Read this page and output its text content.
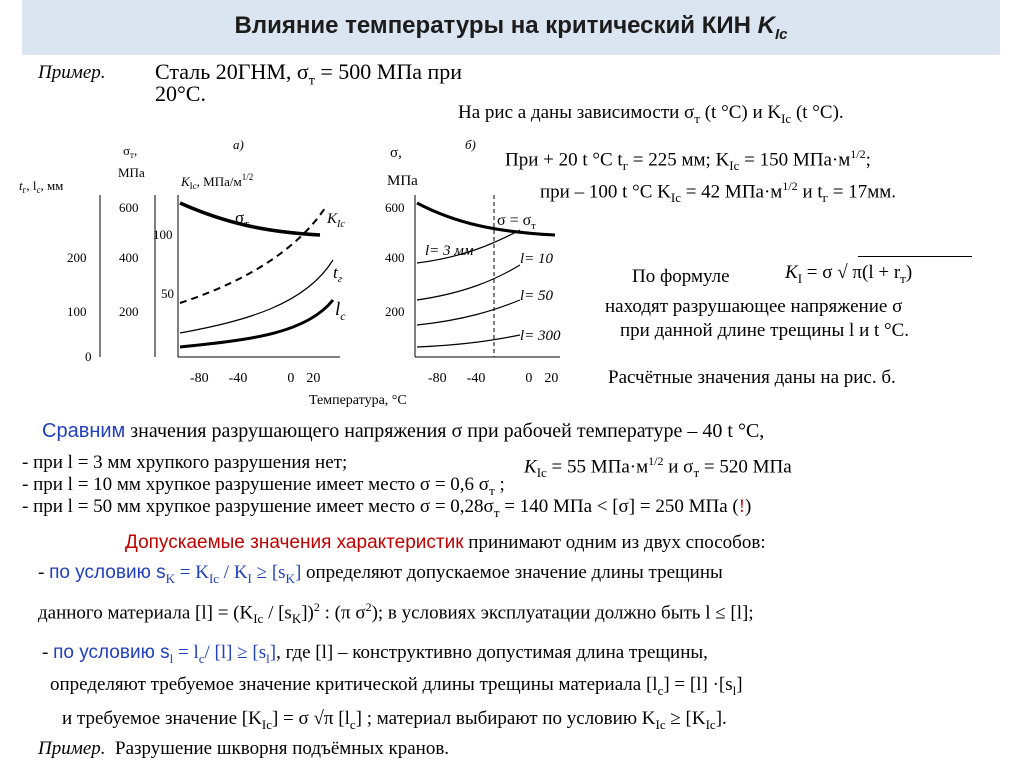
Влияние температуры на критический КИН $K_{Ic}$
Пример. Сталь 20ГНМ, $\sigma_т = 500$ МПа при
20°С.
На рис а даны зависимости $\sigma_т$ (t °C) и $K_{Ic}$ (t °C).
При + 20 t °C $t_г = 225$ мм; $K_{Ic} = 150$ $МПа\cdot м^{1/2}$;
при – 100 t °C $K_{Ic} = 42$ $МПа\cdot м^{1/2}$ и $t_г = 17мм$.
По формуле	$K_I = \sigma$ √ $\pi(l + r_т)$
находят разрушающее напряжение σ
при данной длине трещины l и t °С.
Расчётные значения даны на рис. б.
а)
$t_г$, $l_с$, мм
$\sigma_т$,
МПа
$K_{Ic}$, МПа/$м^{1/2}$
200
100
0
600
400
200
100
50
$\sigma_т$	$K_{Ic}$
$t_г$
$l_с$
б)
σ,
МПа
600
400
200
$\sigma = \sigma_т$
l= 3 мм	l= 10
l= 50
l= 300
-80 -40	0 20	-80 -40	0 20
Температура, °С
Сравним значения разрушающего напряжения σ при рабочей температуре – 40 t °С,
- при l = 3 мм хрупкого разрушения нет;	$K_{Ic} = 55$ $МПа\cdot м^{1/2}$ и $\sigma_т = 520$ МПа
- при l = 10 мм хрупкое разрушение имеет место σ = 0,6 $\sigma_т$ ;
- при l = 50 мм хрупкое разрушение имеет место $\sigma = 0,28\sigma_т = 140$ МПа < [σ] = 250 МПа (!)
Допускаемые значения характеристик принимают одним из двух способов:
- по условию $s_K = K_{Ic} / K_I \ge [s_K]$ определяют допускаемое значение длины трещины
данного материала $[l] = (K_{Ic} / [s_K])^2$ : (π $\sigma^2$); в условиях эксплуатации должно быть l ≤ [l];
- по условию $s_l = l_c/$ $[l] \ge [s_l]$, где [l] – конструктивно допустимая длина трещины,
определяют требуемое значение критической длины трещины материала $[l_c] = [l] \cdot[s_l]$
и требуемое значение $[K_{Ic}] = \sigma$ √π $[l_c]$ ; материал выбирают по условию $K_{Ic} \ge [K_{Ic}]$.
Пример. Разрушение шкворня подъёмных кранов.
